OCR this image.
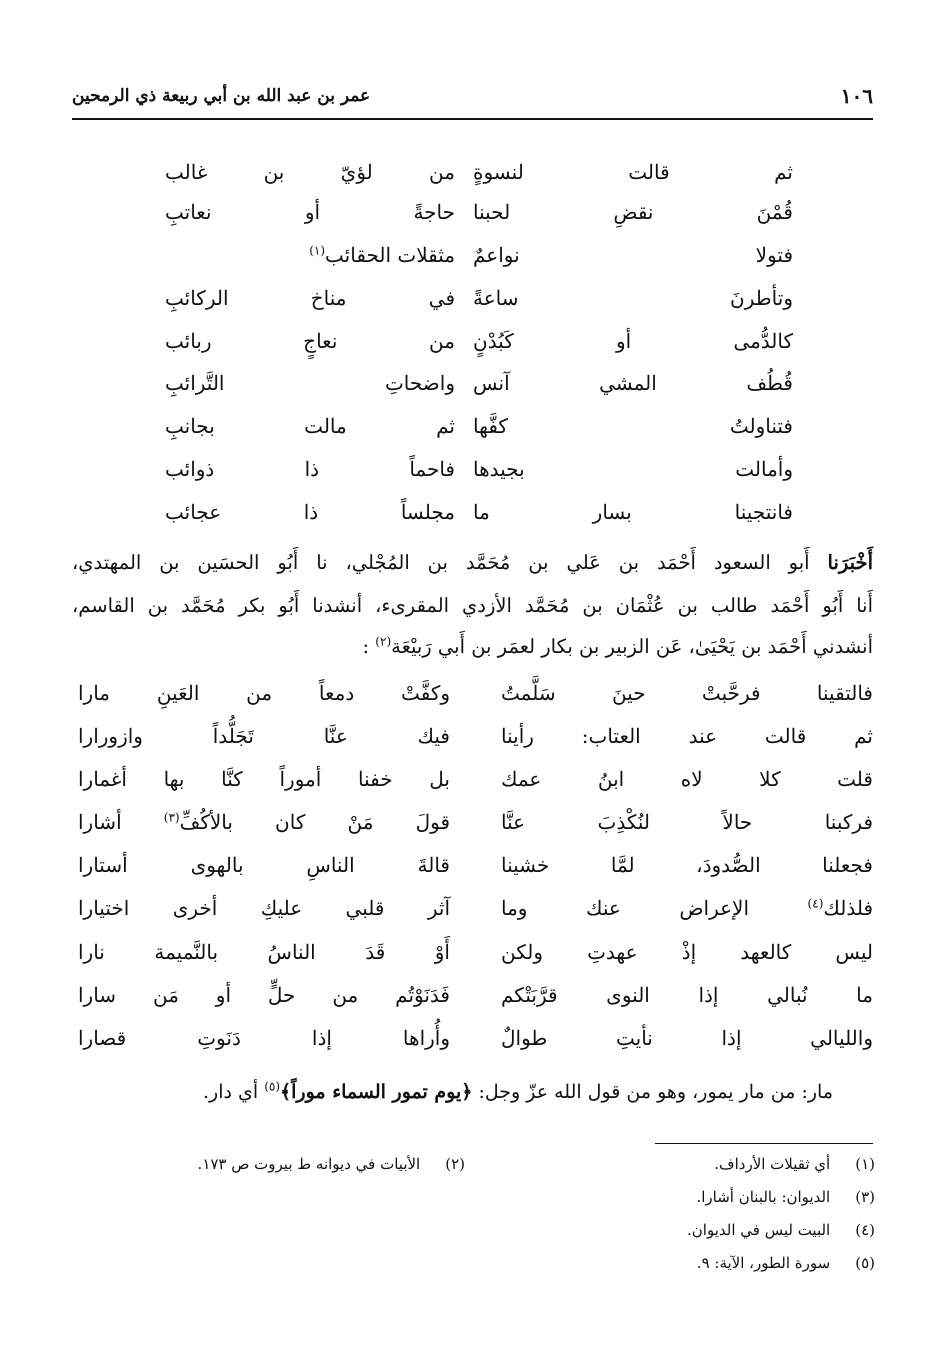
١٠٦
عمر بن عبد الله بن أبي ربيعة ذي الرمحين
ثم قالت لنسوةٍ
من لؤيّ بن غالب
قُمْنَ نقضِ لحبنا
حاجةً أو نعاتبِ
فتولا نواعمٌ
مثقلات الحقائب$^{(١)}$
وتأطرنَ ساعةً
في مناخ الركائبِ
كالدُّمى أو كَبُدْنٍ
من نعاجٍ ربائب
قُطُف المشي آنس
واضحاتِ التَّرائبِ
فتناولتُ كفَّها
ثم مالت بجانبِ
وأمالت بجيدها
فاحماً ذا ذوائب
فانتجينا بسار ما
مجلساً ذا عجائب
أَخْبَرَنا أَبو السعود أَحْمَد بن عَلي بن مُحَمَّد بن المُجْلي، نا أَبُو الحسَين بن المهتدي،
أَنا أَبُو أَحْمَد طالب بن عُثْمَان بن مُحَمَّد الأزدي المقرىء، أنشدنا أَبُو بكر مُحَمَّد بن القاسم،
أنشدني أَحْمَد بن يَحْيَىٰ، عَن الزبير بن بكار لعمَر بن أَبي رَبيْعَة$^{(٢)}$ :
فالتقينا فرحَّبتْ حينَ سَلَّمتُ
وكفَّتْ دمعاً من العَينِ مارا
ثم قالت عند العتاب: رأينا
فيك عنَّا تَجَلُّداً وازورارا
قلت كلا لاه ابنُ عمك
بل خفنا أموراً كنَّا بها أغمارا
فركبنا حالاً لنُكْذِبَ عنَّا
قولَ مَنْ كان بالأكُفِّ$^{(٣)}$ أشارا
فجعلنا الصُّدودَ، لمَّا خشينا
قالةَ الناسِ بالهوى أستارا
فلذلك$^{(٤)}$ الإعراض عنك وما
آثر قلبي عليكِ أخرى اختيارا
ليس كالعهد إذْ عهدتِ ولكن
أَوْ قَدَ الناسُ بالنَّميمة نارا
ما نُبالي إذا النوى قرَّبَتْكم
فَدَنَوْتُم من حلٍّ أو مَن سارا
والليالي إذا نأيتِ طوالٌ
وأُراها إذا دَنَوتِ قصارا
مار: من مار يمور، وهو من قول الله عزّ وجل: ﴿يوم تمور السماء موراً﴾$^{(٥)}$ أي دار.
(١) أي ثقيلات الأرداف.
(٣) الديوان: بالبنان أشارا.
(٤) البيت ليس في الديوان.
(٥) سورة الطور، الآية: ٩.
(٢) الأبيات في ديوانه ط بيروت ص ١٧٣.
